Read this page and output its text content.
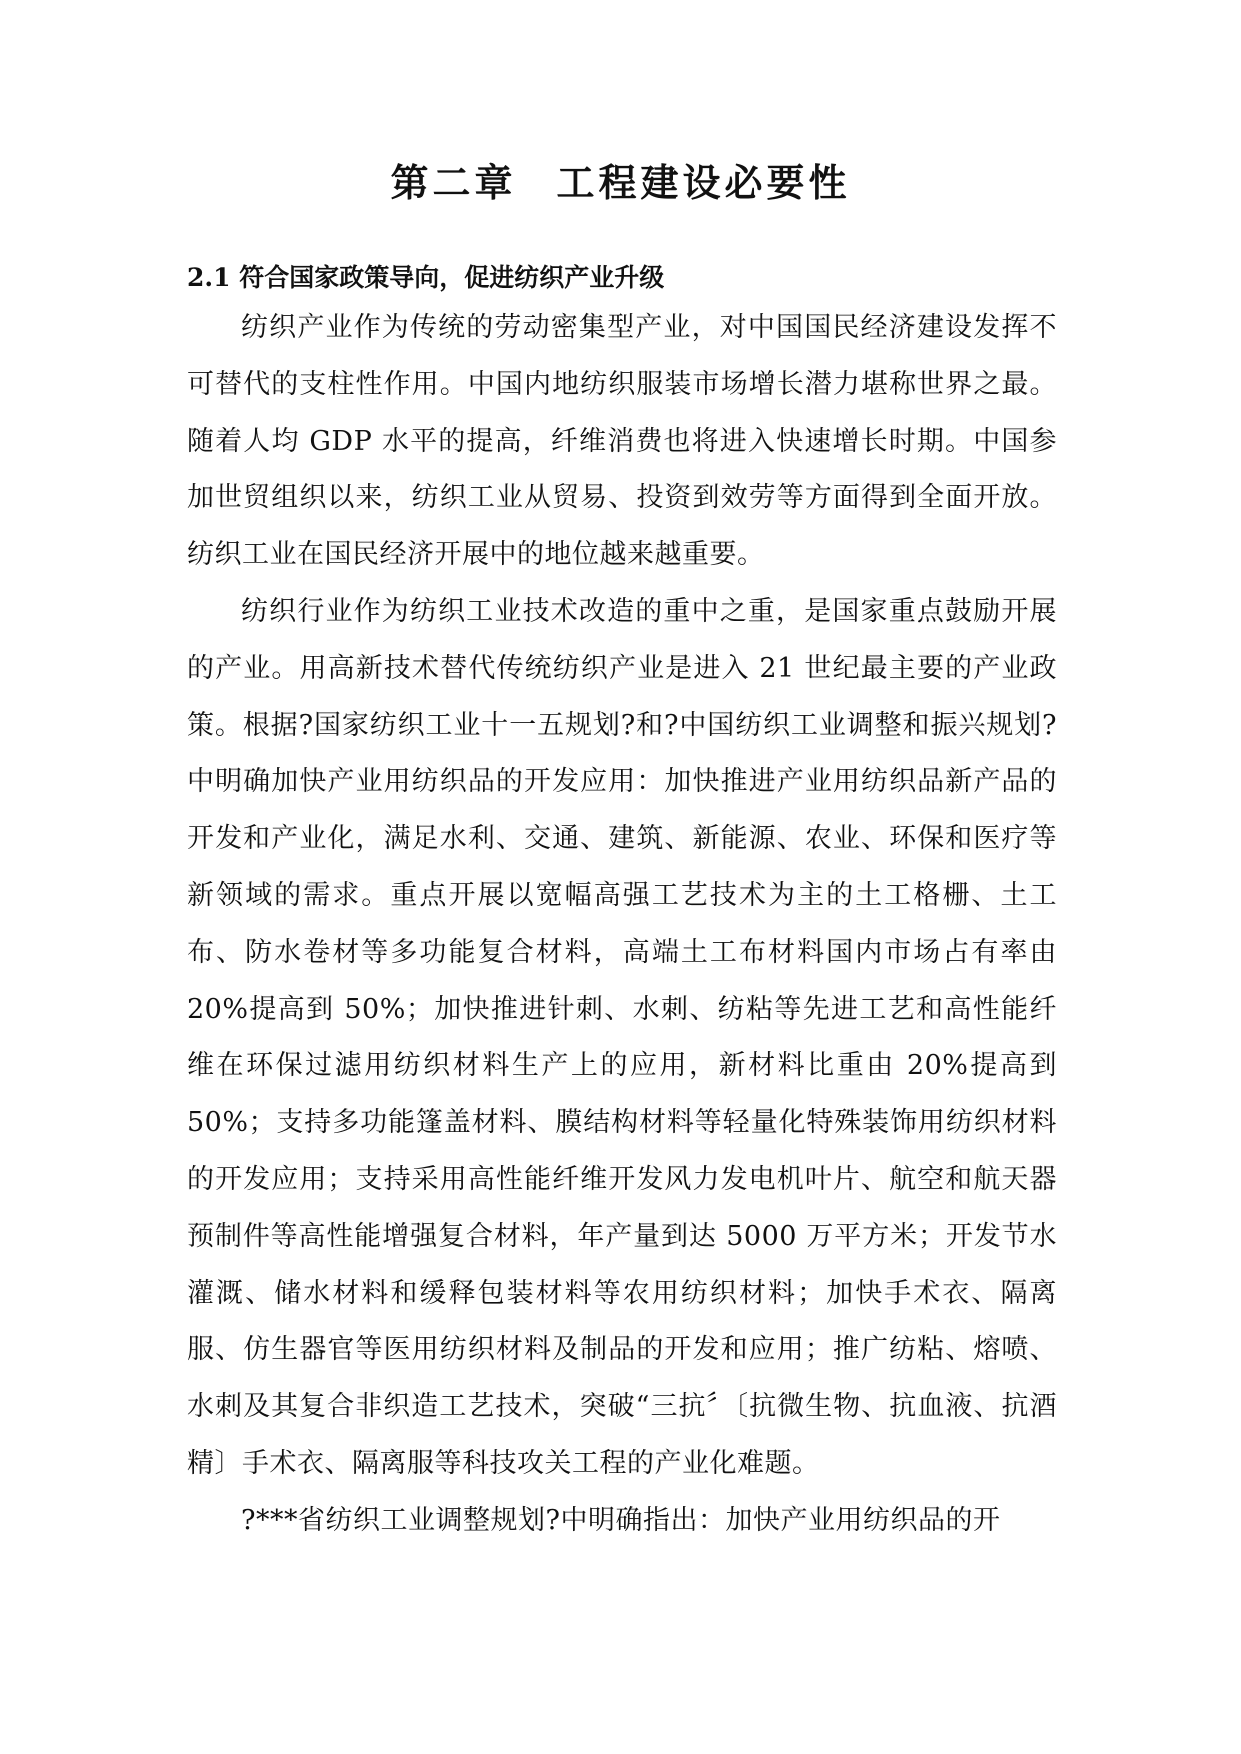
第二章 工程建设必要性
2.1 符合国家政策导向，促进纺织产业升级

纺织产业作为传统的劳动密集型产业，对中国国民经济建设发挥不可替代的支柱性作用。中国内地纺织服装市场增长潜力堪称世界之最。随着人均 GDP 水平的提高，纤维消费也将进入快速增长时期。中国参加世贸组织以来，纺织工业从贸易、投资到效劳等方面得到全面开放。纺织工业在国民经济开展中的地位越来越重要。

纺织行业作为纺织工业技术改造的重中之重，是国家重点鼓励开展的产业。用高新技术替代传统纺织产业是进入 21 世纪最主要的产业政策。根据?国家纺织工业十一五规划?和?中国纺织工业调整和振兴规划?中明确加快产业用纺织品的开发应用：加快推进产业用纺织品新产品的开发和产业化，满足水利、交通、建筑、新能源、农业、环保和医疗等新领域的需求。重点开展以宽幅高强工艺技术为主的土工格栅、土工布、防水卷材等多功能复合材料，高端土工布材料国内市场占有率由 20%提高到 50%；加快推进针刺、水刺、纺粘等先进工艺和高性能纤维在环保过滤用纺织材料生产上的应用，新材料比重由 20%提高到 50%；支持多功能篷盖材料、膜结构材料等轻量化特殊装饰用纺织材料的开发应用；支持采用高性能纤维开发风力发电机叶片、航空和航天器预制件等高性能增强复合材料，年产量到达 5000 万平方米；开发节水灌溉、储水材料和缓释包装材料等农用纺织材料；加快手术衣、隔离服、仿生器官等医用纺织材料及制品的开发和应用；推广纺粘、熔喷、水刺及其复合非织造工艺技术，突破“三抗〞〔抗微生物、抗血液、抗酒精〕手术衣、隔离服等科技攻关工程的产业化难题。

?***省纺织工业调整规划?中明确指出：加快产业用纺织品的开
